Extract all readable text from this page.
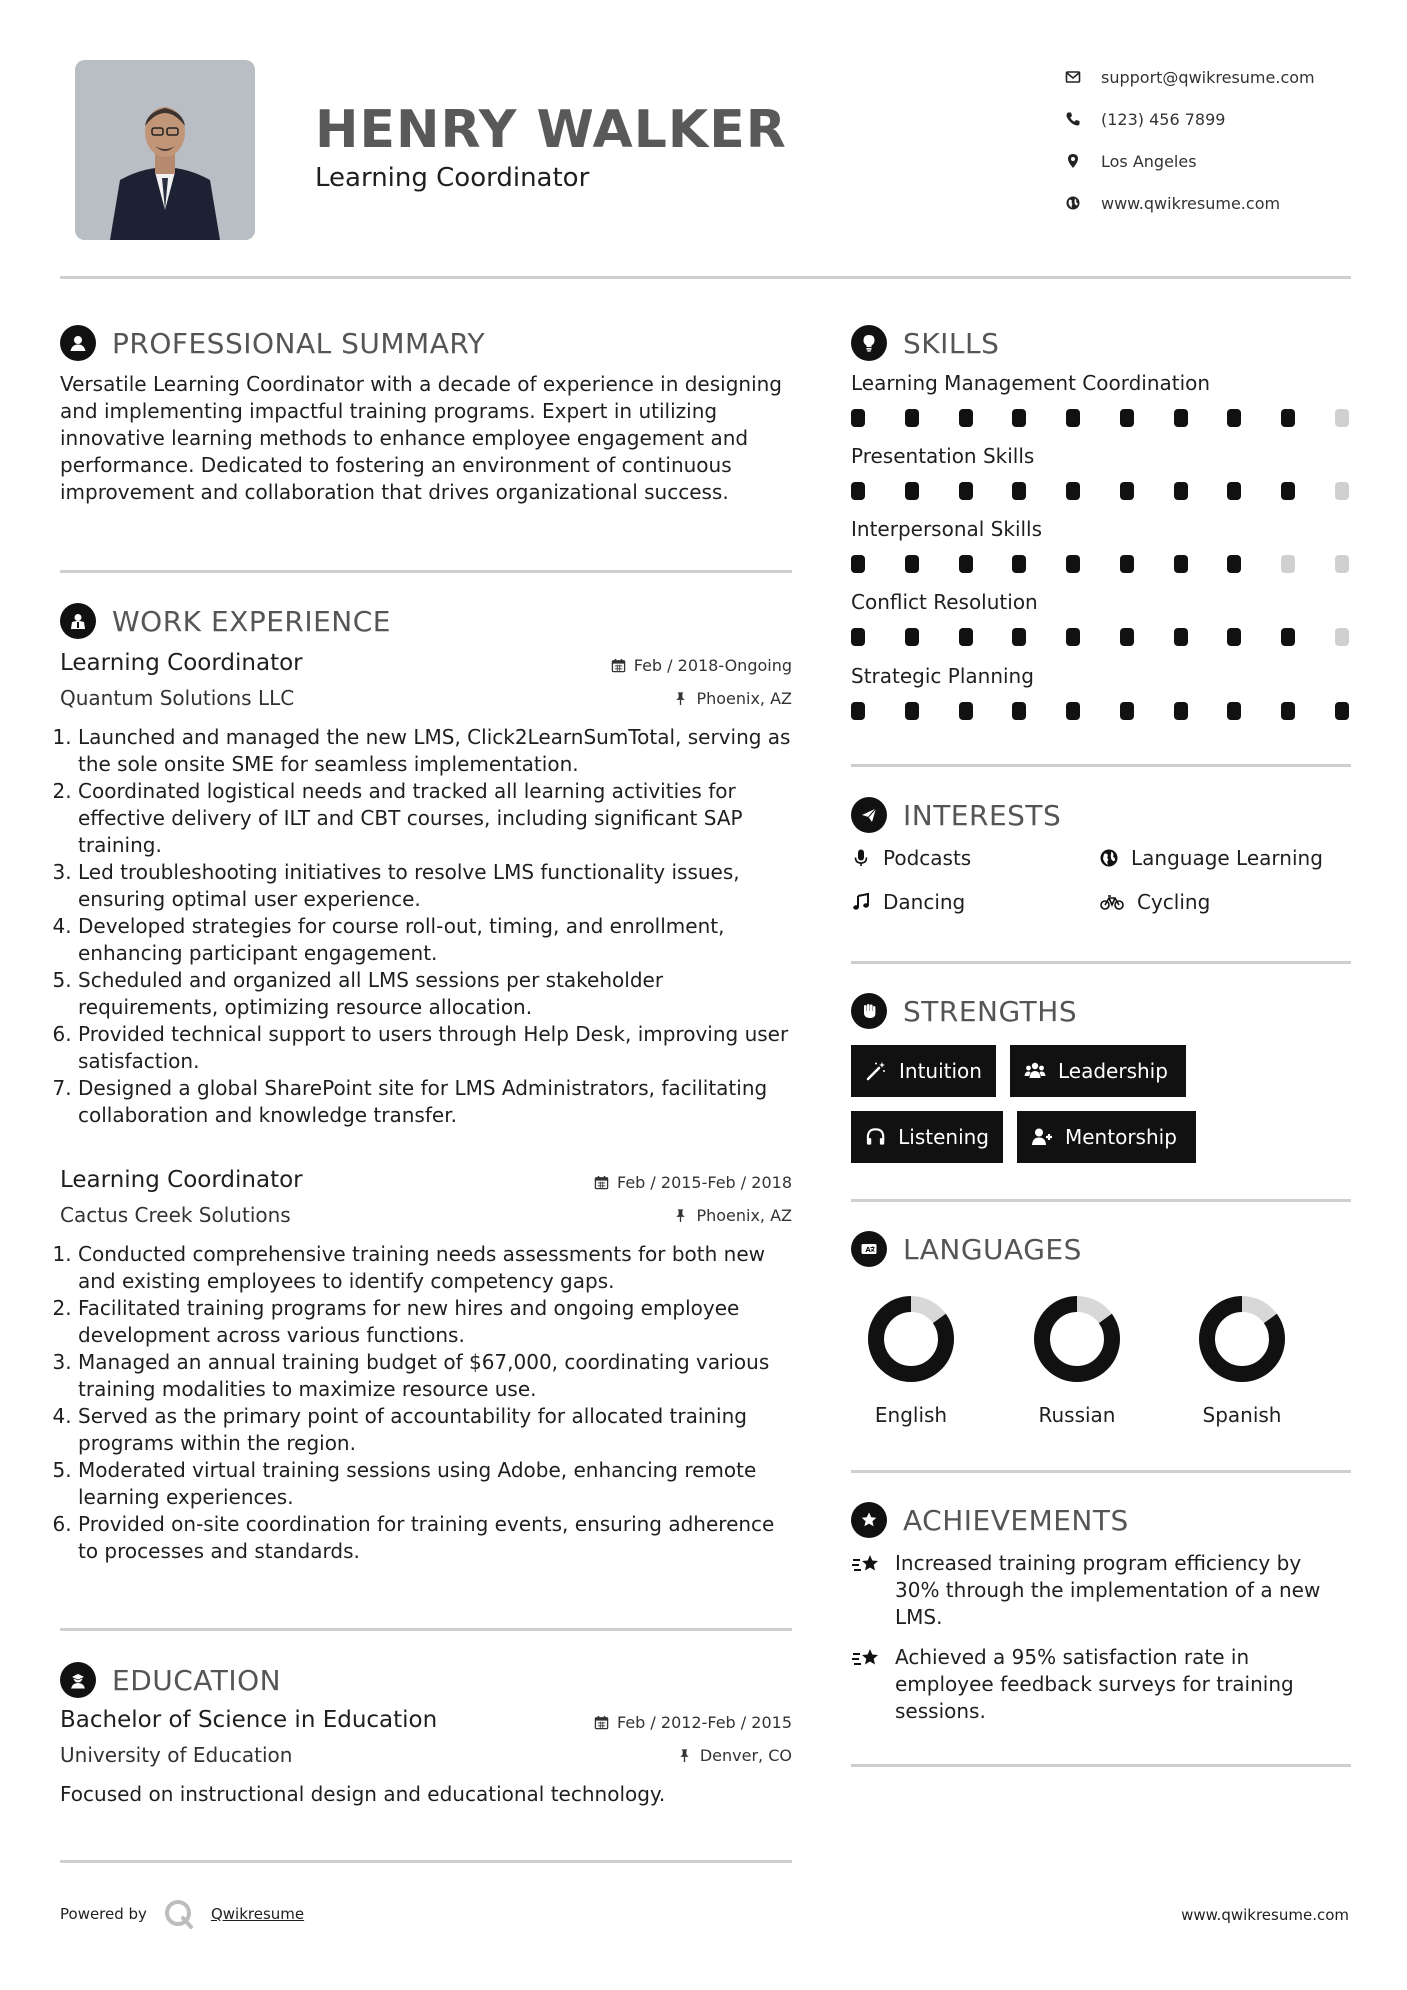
HENRY WALKER
Learning Coordinator
support@qwikresume.com
(123) 456 7899
Los Angeles
www.qwikresume.com
PROFESSIONAL SUMMARY
Versatile Learning Coordinator with a decade of experience in designing and implementing impactful training programs. Expert in utilizing innovative learning methods to enhance employee engagement and performance. Dedicated to fostering an environment of continuous improvement and collaboration that drives organizational success.
WORK EXPERIENCE
Learning Coordinator	Feb / 2018-Ongoing
Quantum Solutions LLC	Phoenix, AZ
1. Launched and managed the new LMS, Click2LearnSumTotal, serving as the sole onsite SME for seamless implementation.
2. Coordinated logistical needs and tracked all learning activities for effective delivery of ILT and CBT courses, including significant SAP training.
3. Led troubleshooting initiatives to resolve LMS functionality issues, ensuring optimal user experience.
4. Developed strategies for course roll-out, timing, and enrollment, enhancing participant engagement.
5. Scheduled and organized all LMS sessions per stakeholder requirements, optimizing resource allocation.
6. Provided technical support to users through Help Desk, improving user satisfaction.
7. Designed a global SharePoint site for LMS Administrators, facilitating collaboration and knowledge transfer.
Learning Coordinator	Feb / 2015-Feb / 2018
Cactus Creek Solutions	Phoenix, AZ
1. Conducted comprehensive training needs assessments for both new and existing employees to identify competency gaps.
2. Facilitated training programs for new hires and ongoing employee development across various functions.
3. Managed an annual training budget of $67,000, coordinating various training modalities to maximize resource use.
4. Served as the primary point of accountability for allocated training programs within the region.
5. Moderated virtual training sessions using Adobe, enhancing remote learning experiences.
6. Provided on-site coordination for training events, ensuring adherence to processes and standards.
EDUCATION
Bachelor of Science in Education	Feb / 2012-Feb / 2015
University of Education	Denver, CO
Focused on instructional design and educational technology.
SKILLS
Learning Management Coordination
Presentation Skills
Interpersonal Skills
Conflict Resolution
Strategic Planning
INTERESTS
Podcasts	Language Learning
Dancing	Cycling
STRENGTHS
Intuition	Leadership
Listening	Mentorship
A LANGUAGES
English	Russian	Spanish
ACHIEVEMENTS
Increased training program efficiency by 30% through the implementation of a new LMS.
Achieved a 95% satisfaction rate in employee feedback surveys for training sessions.
Powered by	Qwikresume	www.qwikresume.com
